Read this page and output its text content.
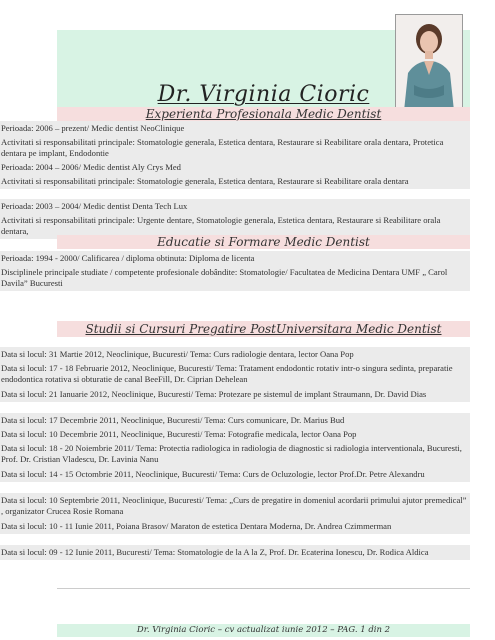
Dr. Virginia Cioric
Experienta Profesionala Medic Dentist
Perioada: 2006 – prezent/ Medic dentist NeoClinique
Activitati si responsabilitati principale: Stomatologie generala, Estetica dentara, Restaurare si Reabilitare orala dentara, Protetica dentara pe implant, Endodontie
Perioada: 2004 – 2006/ Medic dentist Aly Crys Med
Activitati si responsabilitati principale: Stomatologie generala, Estetica dentara, Restaurare si Reabilitare orala dentara
Perioada: 2003 – 2004/ Medic dentist Denta Tech Lux
Activitati si responsabilitati principale: Urgente dentare, Stomatologie generala, Estetica dentara, Restaurare si Reabilitare orala dentara,
Educatie si Formare Medic Dentist
Perioada: 1994 - 2000/ Calificarea / diploma obtinuta: Diploma de licenta
Disciplinele principale studiate / competente profesionale dobândite: Stomatologie/ Facultatea de Medicina Dentara UMF „ Carol Davila” Bucuresti
Studii si Cursuri Pregatire PostUniversitara Medic Dentist
Data si locul: 31 Martie 2012, Neoclinique, Bucuresti/ Tema: Curs radiologie dentara, lector Oana Pop
Data si locul: 17 - 18 Februarie 2012, Neoclinique, Bucuresti/ Tema: Tratament endodontic rotativ intr-o singura sedinta, preparatie endodontica rotativa si obturatie de canal BeeFill, Dr. Ciprian Dehelean
Data si locul: 21 Ianuarie 2012, Neoclinique, Bucuresti/ Tema: Protezare pe sistemul de implant Straumann, Dr. David Dias
Data si locul: 17 Decembrie 2011, Neoclinique, Bucuresti/ Tema: Curs comunicare, Dr. Marius Bud
Data si locul: 10 Decembrie 2011, Neoclinique, Bucuresti/ Tema: Fotografie medicala, lector Oana Pop
Data si locul: 18 - 20 Noiembrie 2011/ Tema: Protectia radiologica in radiologia de diagnostic si radiologia interventionala, Bucuresti, Prof. Dr. Cristian Vladescu, Dr. Lavinia Nanu
Data si locul: 14 - 15 Octombrie 2011, Neoclinique, Bucuresti/ Tema: Curs de Ocluzologie, lector Prof.Dr. Petre Alexandru
Data si locul: 10 Septembrie 2011, Neoclinique, Bucuresti/ Tema: „Curs de pregatire in domeniul acordarii primului ajutor premedical” , organizator Crucea Rosie Romana
Data si locul: 10 - 11 Iunie 2011, Poiana Brasov/ Maraton de estetica Dentara Moderna, Dr. Andrea Czimmerman
Data si locul: 09 - 12 Iunie 2011, Bucuresti/ Tema: Stomatologie de la A la Z, Prof. Dr. Ecaterina Ionescu, Dr. Rodica Aldica
Dr. Virginia Cioric – cv actualizat iunie 2012 – PAG. 1 din 2
